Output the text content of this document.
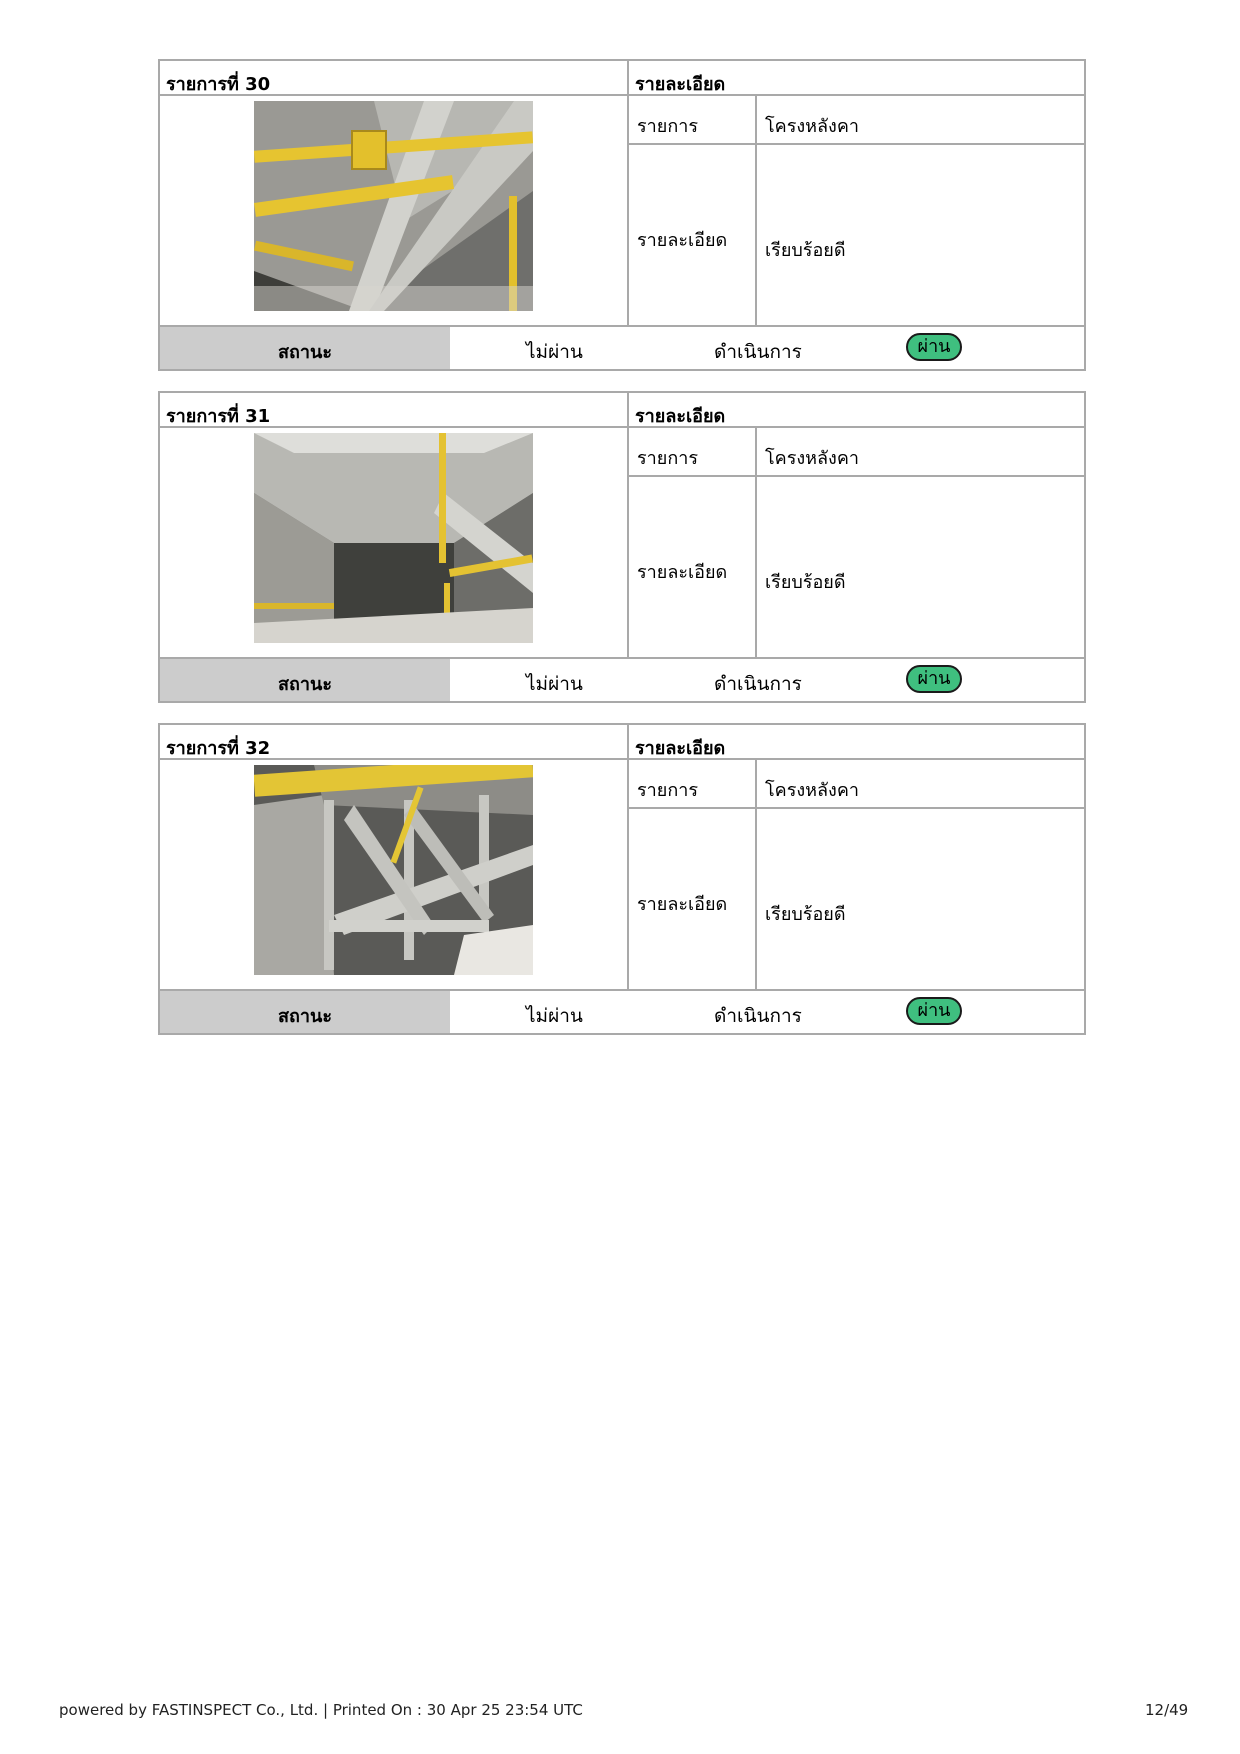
รายการที่ 30	รายละเอียด
รายการ	โครงหลังคา
รายละเอียด เรียบร้อยดี
สถานะ	ไม่ผ่าน	ดำเนินการ	ผ่าน
รายการที่ 31	รายละเอียด
รายการ	โครงหลังคา
รายละเอียด เรียบร้อยดี
สถานะ	ไม่ผ่าน	ดำเนินการ	ผ่าน
รายการที่ 32	รายละเอียด
รายการ	โครงหลังคา
รายละเอียด เรียบร้อยดี
สถานะ	ไม่ผ่าน	ดำเนินการ	ผ่าน
powered by FASTINSPECT Co., Ltd. | Printed On : 30 Apr 25 23:54 UTC	12/49
